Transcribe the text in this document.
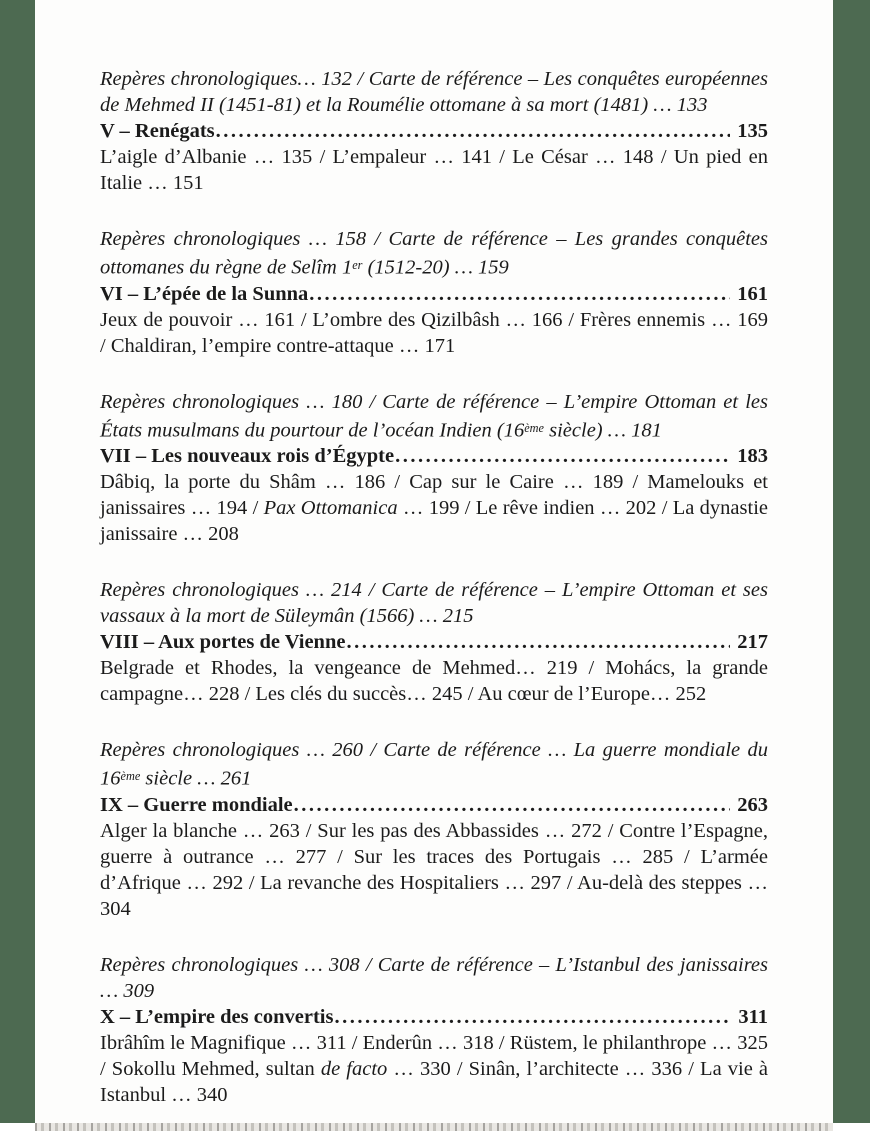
Repères chronologiques… 132 / Carte de référence – Les conquêtes européennes de Mehmed II (1451-81) et la Roumélie ottomane à sa mort (1481) … 133

V – Renégats .....	135

L’aigle d’Albanie … 135 / L’empaleur … 141 / Le César … 148 / Un pied en Italie … 151

Repères chronologiques … 158 / Carte de référence – Les grandes conquêtes ottomanes du règne de Selîm 1er (1512-20) … 159

VI – L’épée de la Sunna .....	161

Jeux de pouvoir … 161 / L’ombre des Qizilbâsh … 166 / Frères ennemis … 169 / Chaldiran, l’empire contre-attaque … 171

Repères chronologiques … 180 / Carte de référence – L’empire Ottoman et les États musulmans du pourtour de l’océan Indien (16ème siècle) … 181

VII – Les nouveaux rois d’Égypte .....	183

Dâbiq, la porte du Shâm … 186 / Cap sur le Caire … 189 / Mamelouks et janissaires … 194 / Pax Ottomanica … 199 / Le rêve indien … 202 / La dynastie janissaire … 208

Repères chronologiques … 214 / Carte de référence – L’empire Ottoman et ses vassaux à la mort de Süleymân (1566) … 215

VIII – Aux portes de Vienne .....	217

Belgrade et Rhodes, la vengeance de Mehmed… 219 / Mohács, la grande campagne… 228 / Les clés du succès… 245 / Au cœur de l’Europe… 252

Repères chronologiques … 260 / Carte de référence … La guerre mondiale du 16ème siècle … 261

IX – Guerre mondiale .....	263

Alger la blanche … 263 / Sur les pas des Abbassides … 272 / Contre l’Espagne, guerre à outrance … 277 / Sur les traces des Portugais … 285 / L’armée d’Afrique … 292 / La revanche des Hospitaliers … 297 / Au-delà des steppes … 304

Repères chronologiques … 308 / Carte de référence – L’Istanbul des janissaires … 309

X – L’empire des convertis .....	311

Ibrâhîm le Magnifique … 311 / Enderûn … 318 / Rüstem, le philanthrope … 325 / Sokollu Mehmed, sultan de facto … 330 / Sinân, l’architecte … 336 / La vie à Istanbul … 340
